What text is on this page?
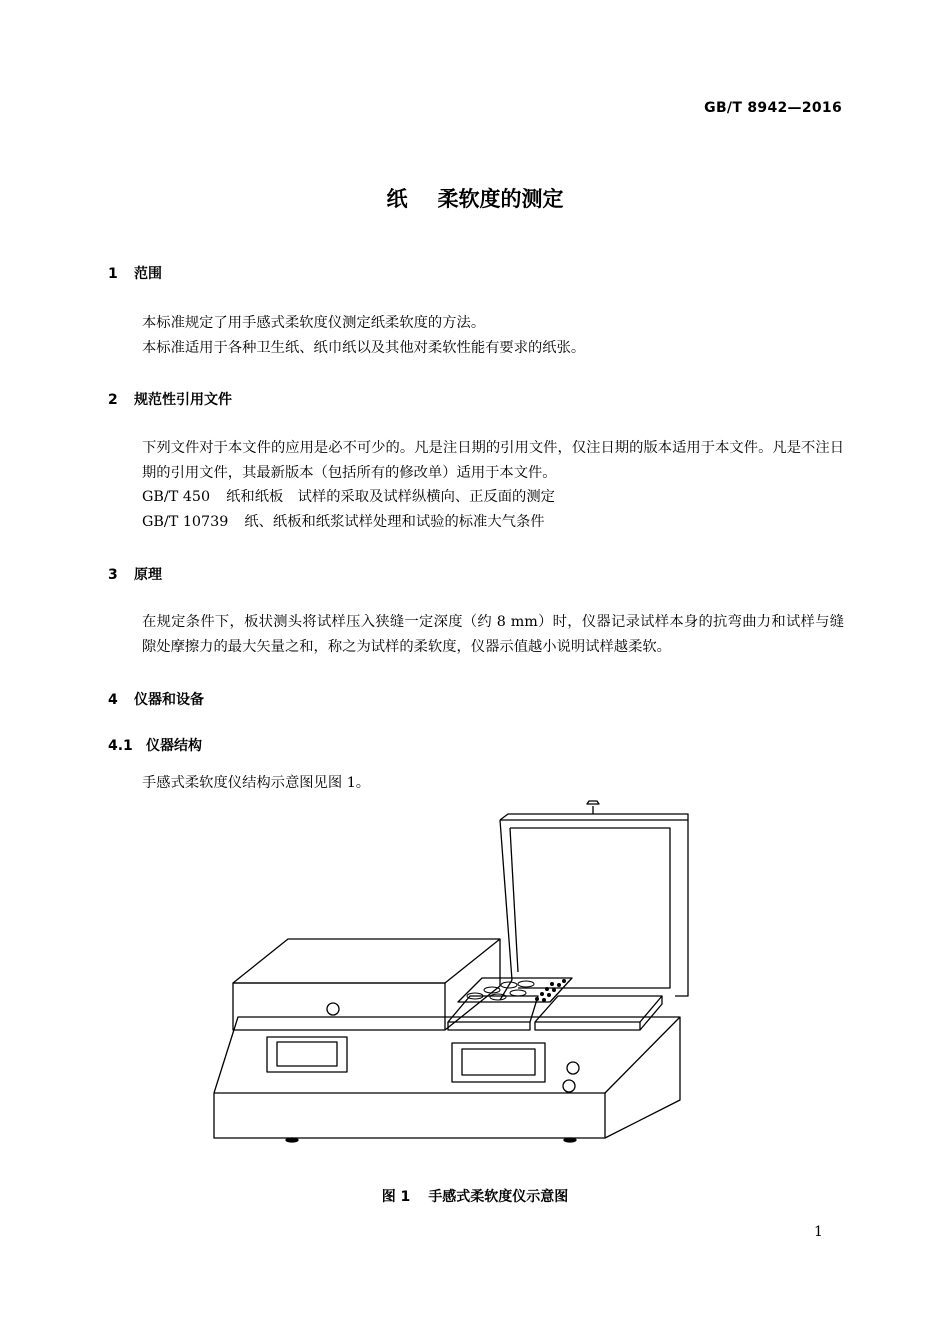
GB/T 8942—2016
纸 柔软度的测定
1 范围
本标准规定了用手感式柔软度仪测定纸柔软度的方法。
本标准适用于各种卫生纸、纸巾纸以及其他对柔软性能有要求的纸张。
2 规范性引用文件
下列文件对于本文件的应用是必不可少的。凡是注日期的引用文件，仅注日期的版本适用于本文件。凡是不注日期的引用文件，其最新版本（包括所有的修改单）适用于本文件。
GB/T 450 纸和纸板　试样的采取及试样纵横向、正反面的测定
GB/T 10739 纸、纸板和纸浆试样处理和试验的标准大气条件
3 原理
在规定条件下，板状测头将试样压入狭缝一定深度（约 8 mm）时，仪器记录试样本身的抗弯曲力和试样与缝隙处摩擦力的最大矢量之和，称之为试样的柔软度，仪器示值越小说明试样越柔软。
4 仪器和设备
4.1 仪器结构
手感式柔软度仪结构示意图见图 1。
图 1 手感式柔软度仪示意图
1
